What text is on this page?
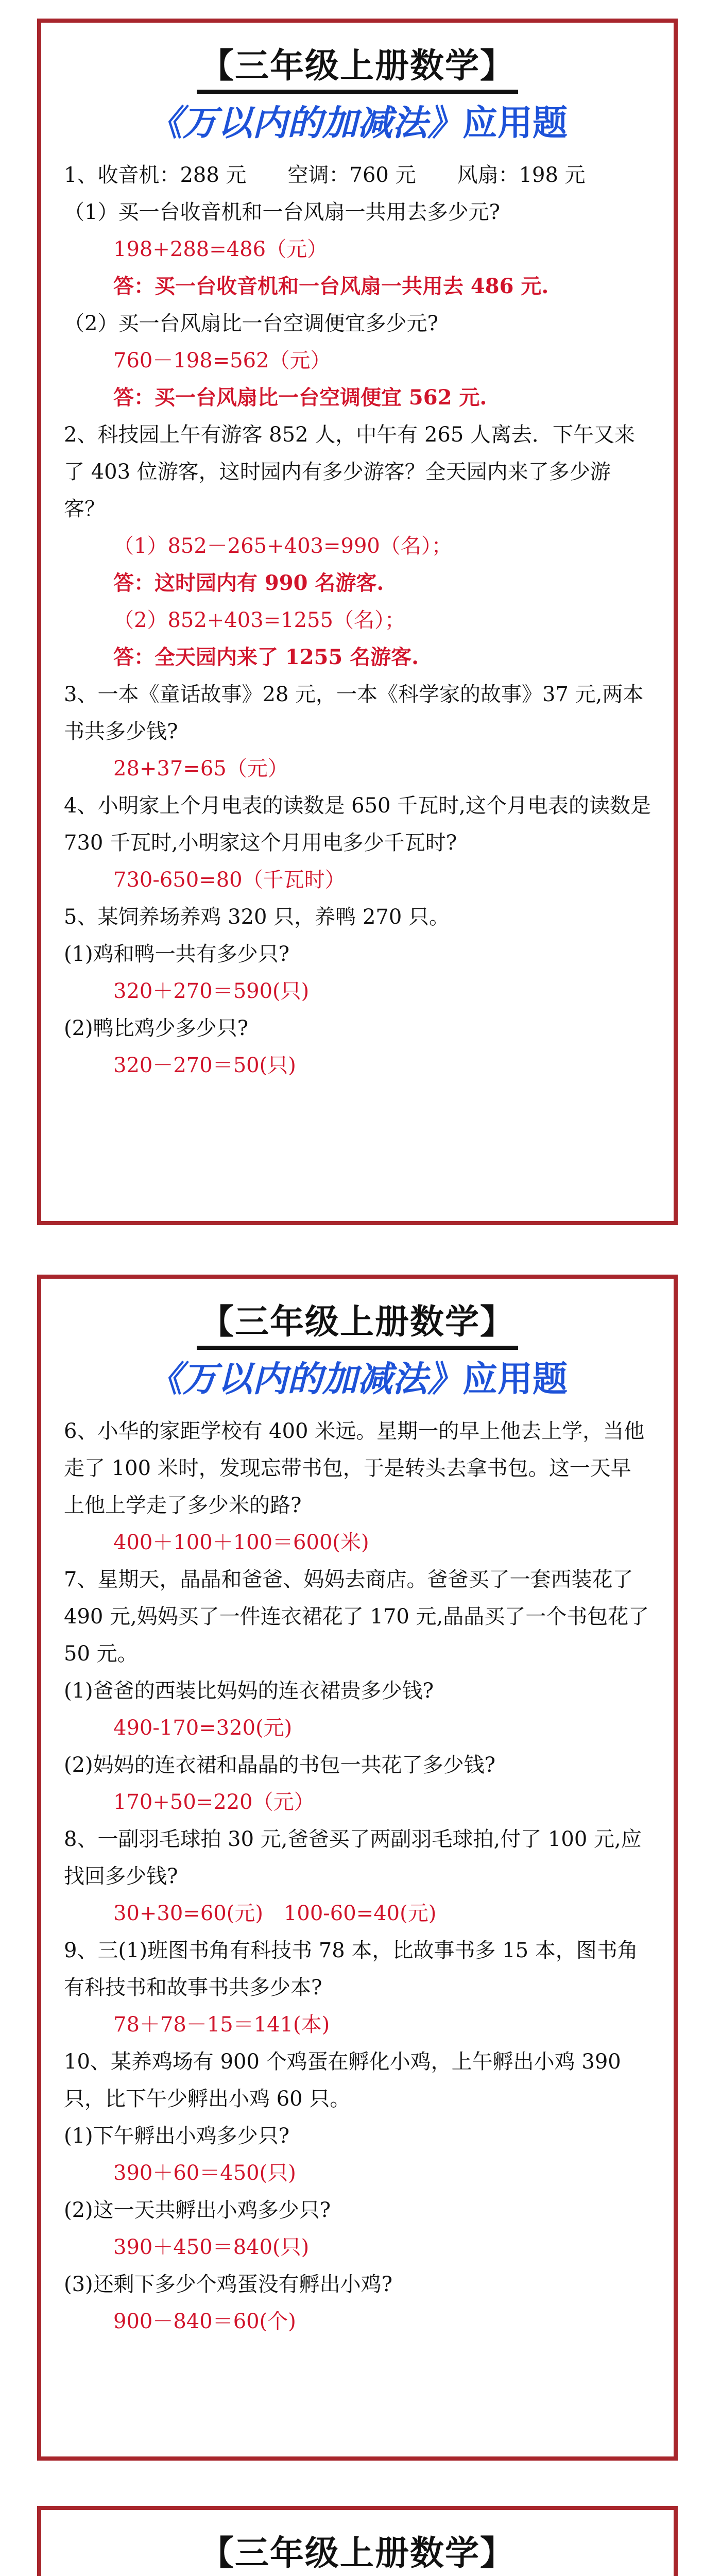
【三年级上册数学】
《万以内的加减法》应用题
1、收音机：288 元　　空调：760 元　　风扇：198 元
（1）买一台收音机和一台风扇一共用去多少元?
198+288=486（元）
答：买一台收音机和一台风扇一共用去 486 元.
（2）买一台风扇比一台空调便宜多少元?
760－198=562（元）
答：买一台风扇比一台空调便宜 562 元.
2、科技园上午有游客 852 人，中午有 265 人离去．下午又来了 403 位游客，这时园内有多少游客？全天园内来了多少游客？
（1）852－265+403=990（名）；
答：这时园内有 990 名游客.
（2）852+403=1255（名）；
答：全天园内来了 1255 名游客.
3、一本《童话故事》28 元，一本《科学家的故事》37 元,两本书共多少钱?
28+37=65（元）
4、小明家上个月电表的读数是 650 千瓦时,这个月电表的读数是 730 千瓦时,小明家这个月用电多少千瓦时?
730-650=80（千瓦时）
5、某饲养场养鸡 320 只，养鸭 270 只。
(1)鸡和鸭一共有多少只?
320＋270＝590(只)
(2)鸭比鸡少多少只?
320－270＝50(只)
【三年级上册数学】
《万以内的加减法》应用题
6、小华的家距学校有 400 米远。星期一的早上他去上学，当他走了 100 米时，发现忘带书包，于是转头去拿书包。这一天早上他上学走了多少米的路?
400＋100＋100＝600(米)
7、星期天，晶晶和爸爸、妈妈去商店。爸爸买了一套西装花了 490 元,妈妈买了一件连衣裙花了 170 元,晶晶买了一个书包花了 50 元。
(1)爸爸的西装比妈妈的连衣裙贵多少钱?
490-170=320(元)
(2)妈妈的连衣裙和晶晶的书包一共花了多少钱?
170+50=220（元）
8、一副羽毛球拍 30 元,爸爸买了两副羽毛球拍,付了 100 元,应找回多少钱?
30+30=60(元)　100-60=40(元)
9、三(1)班图书角有科技书 78 本，比故事书多 15 本，图书角有科技书和故事书共多少本?
78＋78－15＝141(本)
10、某养鸡场有 900 个鸡蛋在孵化小鸡，上午孵出小鸡 390 只，比下午少孵出小鸡 60 只。
(1)下午孵出小鸡多少只?
390＋60＝450(只)
(2)这一天共孵出小鸡多少只?
390＋450＝840(只)
(3)还剩下多少个鸡蛋没有孵出小鸡?
900－840＝60(个)
【三年级上册数学】
